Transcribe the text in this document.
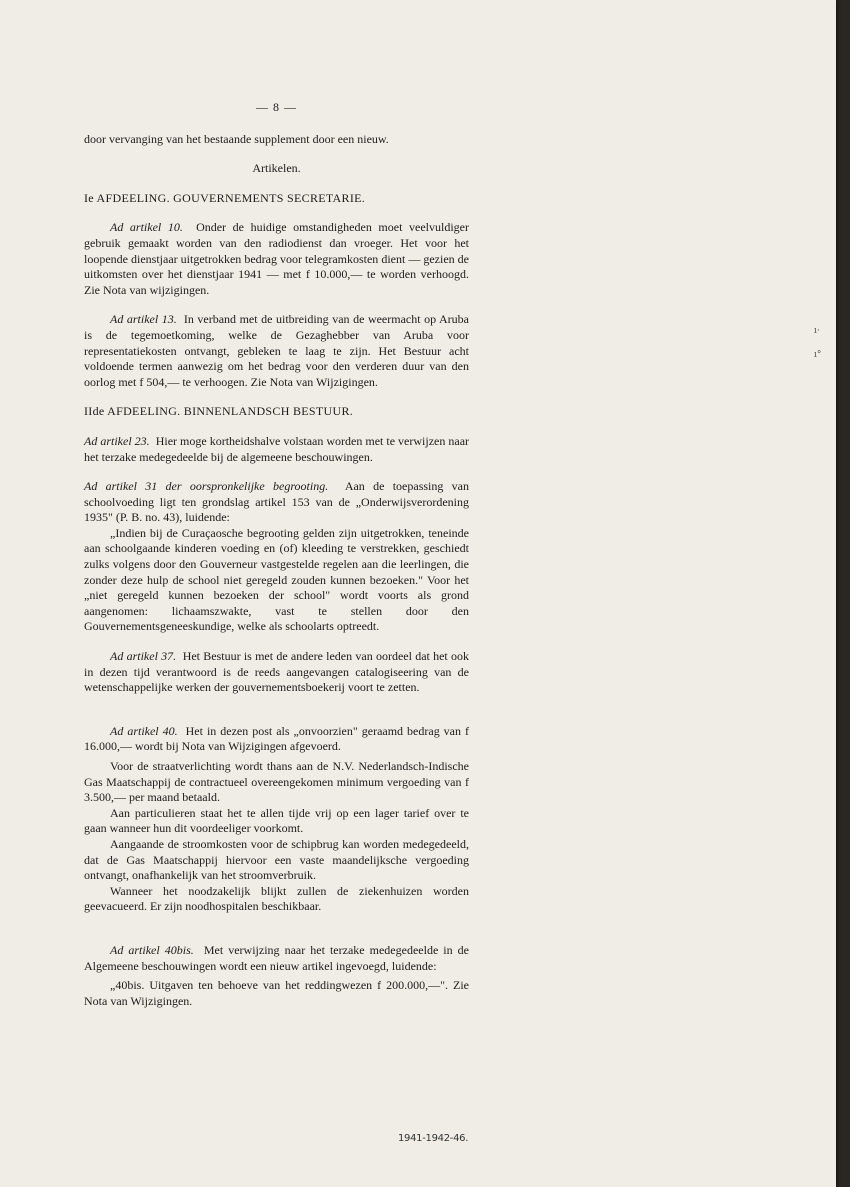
— 8 —

door vervanging van het bestaande supplement door een nieuw.

Artikelen.

Ie AFDEELING. GOUVERNEMENTS SECRETARIE.

Ad artikel 10. Onder de huidige omstandigheden moet veelvuldiger gebruik gemaakt worden van den radiodienst dan vroeger. Het voor het loopende dienstjaar uitgetrokken bedrag voor telegramkosten dient — gezien de uitkomsten over het dienstjaar 1941 — met f 10.000,— te worden verhoogd. Zie Nota van wijzigingen.

Ad artikel 13. In verband met de uitbreiding van de weermacht op Aruba is de tegemoetkoming, welke de Gezaghebber van Aruba voor representatiekosten ontvangt, gebleken te laag te zijn. Het Bestuur acht voldoende termen aanwezig om het bedrag voor den verderen duur van den oorlog met f 504,— te verhoogen. Zie Nota van Wijzigingen.

IIde AFDEELING. BINNENLANDSCH BESTUUR.

Ad artikel 23. Hier moge kortheidshalve volstaan worden met te verwijzen naar het terzake medegedeelde bij de algemeene beschouwingen.

Ad artikel 31 der oorspronkelijke begrooting. Aan de toepassing van schoolvoeding ligt ten grondslag artikel 153 van de „Onderwijsverordening 1935" (P. B. no. 43), luidende:

„Indien bij de Curaçaosche begrooting gelden zijn uitgetrokken, teneinde aan schoolgaande kinderen voeding en (of) kleeding te verstrekken, geschiedt zulks volgens door den Gouverneur vastgestelde regelen aan die leerlingen, die zonder deze hulp de school niet geregeld zouden kunnen bezoeken." Voor het „niet geregeld kunnen bezoeken der school" wordt voorts als grond aangenomen: lichaamszwakte, vast te stellen door den Gouvernementsgeneeskundige, welke als schoolarts optreedt.

Ad artikel 37. Het Bestuur is met de andere leden van oordeel dat het ook in dezen tijd verantwoord is de reeds aangevangen catalogiseering van de wetenschappelijke werken der gouvernementsboekerij voort te zetten.

Ad artikel 40. Het in dezen post als „onvoorzien" geraamd bedrag van f 16.000,— wordt bij Nota van Wijzigingen afgevoerd.

Voor de straatverlichting wordt thans aan de N.V. Nederlandsch-Indische Gas Maatschappij de contractueel overeengekomen minimum vergoeding van f 3.500,— per maand betaald.

Aan particulieren staat het te allen tijde vrij op een lager tarief over te gaan wanneer hun dit voordeeliger voorkomt.

Aangaande de stroomkosten voor de schipbrug kan worden medegedeeld, dat de Gas Maatschappij hiervoor een vaste maandelijksche vergoeding ontvangt, onafhankelijk van het stroomverbruik.

Wanneer het noodzakelijk blijkt zullen de ziekenhuizen worden geevacueerd. Er zijn noodhospitalen beschikbaar.

Ad artikel 40bis. Met verwijzing naar het terzake medegedeelde in de Algemeene beschouwingen wordt een nieuw artikel ingevoegd, luidende:

„40bis. Uitgaven ten behoeve van het reddingwezen f 200.000,—". Zie Nota van Wijzigingen.

ı·
ı°
1941-1942-46.
